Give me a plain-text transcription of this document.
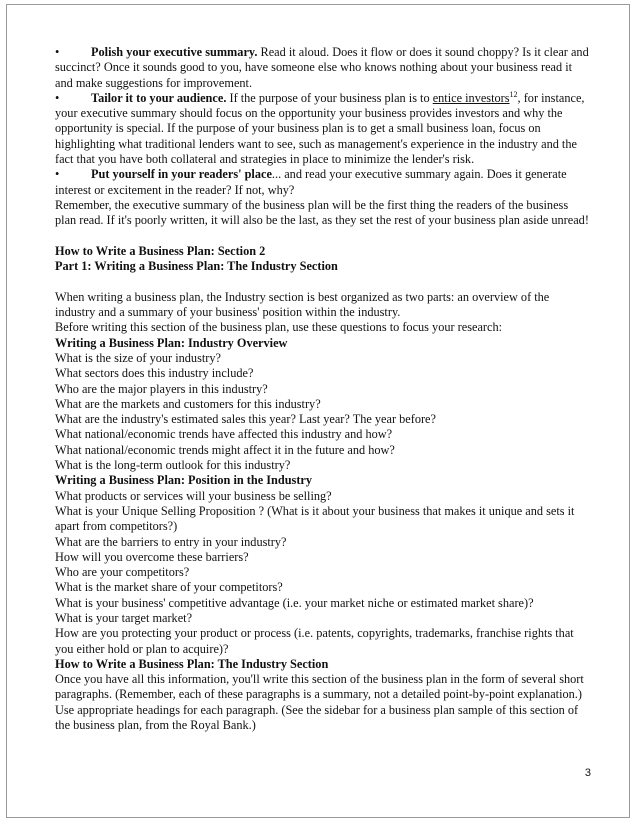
•	Polish your executive summary. Read it aloud. Does it flow or does it sound choppy? Is it clear and succinct? Once it sounds good to you, have someone else who knows nothing about your business read it and make suggestions for improvement.

•	Tailor it to your audience. If the purpose of your business plan is to entice investors$^{12}$, for instance, your executive summary should focus on the opportunity your business provides investors and why the opportunity is special. If the purpose of your business plan is to get a small business loan, focus on highlighting what traditional lenders want to see, such as management's experience in the industry and the fact that you have both collateral and strategies in place to minimize the lender's risk.

•	Put yourself in your readers' place... and read your executive summary again. Does it generate interest or excitement in the reader? If not, why?

Remember, the executive summary of the business plan will be the first thing the readers of the business plan read. If it's poorly written, it will also be the last, as they set the rest of your business plan aside unread!

How to Write a Business Plan: Section 2

Part 1: Writing a Business Plan: The Industry Section

When writing a business plan, the Industry section is best organized as two parts: an overview of the industry and a summary of your business' position within the industry.

Before writing this section of the business plan, use these questions to focus your research:

Writing a Business Plan: Industry Overview

What is the size of your industry?

What sectors does this industry include?

Who are the major players in this industry?

What are the markets and customers for this industry?

What are the industry's estimated sales this year? Last year? The year before?

What national/economic trends have affected this industry and how?

What national/economic trends might affect it in the future and how?

What is the long-term outlook for this industry?

Writing a Business Plan: Position in the Industry

What products or services will your business be selling?

What is your Unique Selling Proposition ? (What is it about your business that makes it unique and sets it apart from competitors?)

What are the barriers to entry in your industry?

How will you overcome these barriers?

Who are your competitors?

What is the market share of your competitors?

What is your business' competitive advantage (i.e. your market niche or estimated market share)?

What is your target market?

How are you protecting your product or process (i.e. patents, copyrights, trademarks, franchise rights that you either hold or plan to acquire)?

How to Write a Business Plan: The Industry Section

Once you have all this information, you'll write this section of the business plan in the form of several short paragraphs. (Remember, each of these paragraphs is a summary, not a detailed point-by-point explanation.) Use appropriate headings for each paragraph. (See the sidebar for a business plan sample of this section of the business plan, from the Royal Bank.)

3
